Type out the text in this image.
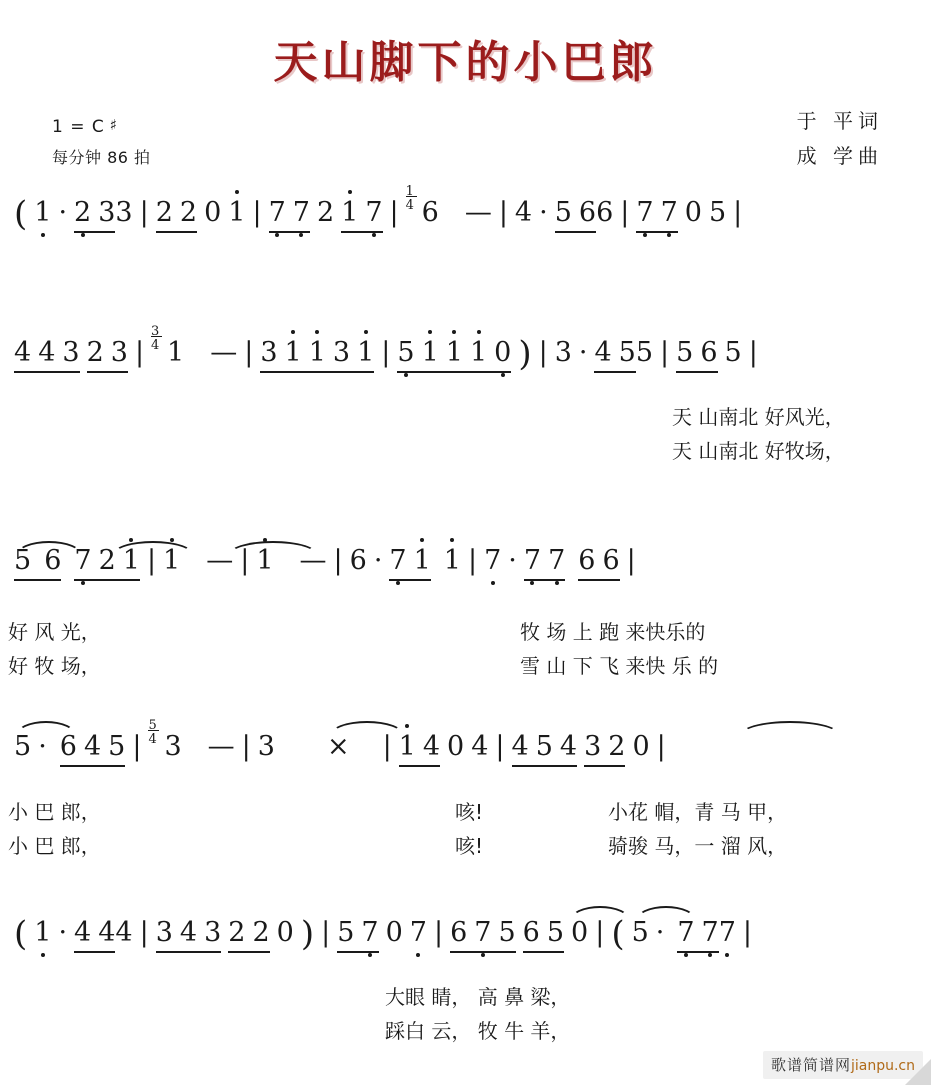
天山脚下的小巴郎
1 = C ♯
每分钟 86 拍
于 平词
成 学曲
( 1 · 2 33 | 2 2 0 1 | 7 7 2 1 7 | $\frac{1}{4} 6$ — | 4 · 5 66 | 7 7 0 5 |
4 4 3 2 3 | $\frac{3}{4} 1$ — | 3 1 1 3 1 | 5 1 1 1 0 ) | 3 · 4 55 | 5 6 5 |
天 山南北 好风光，
天 山南北 好牧场，
5 6 7 2 1 | 1 — | 1 — | 6 · 7 1 1 | 7 · 7 7 6 6 |
好 风 光，
好 牧 场，
牧 场 上 跑 来快乐的
雪 山 下 飞 来快 乐 的
5 · 6 4 5 | $\frac{5}{4} 3$ — | 3 × | 1 4 0 4 | 4 5 4 3 2 0 |
小 巴 郎，
小 巴 郎，
咳!
咳!
小花 帽，青 马 甲，
骑骏 马，一 溜 风，
( 1 · 4 44 | 3 4 3 2 2 0 ) | 5 7 0 7 | 6 7 5 6 5 0 | ( 5 · 7 77 |
大眼 睛， 高 鼻 梁，
踩白 云， 牧 牛 羊，
歌谱简谱网jianpu.cn
